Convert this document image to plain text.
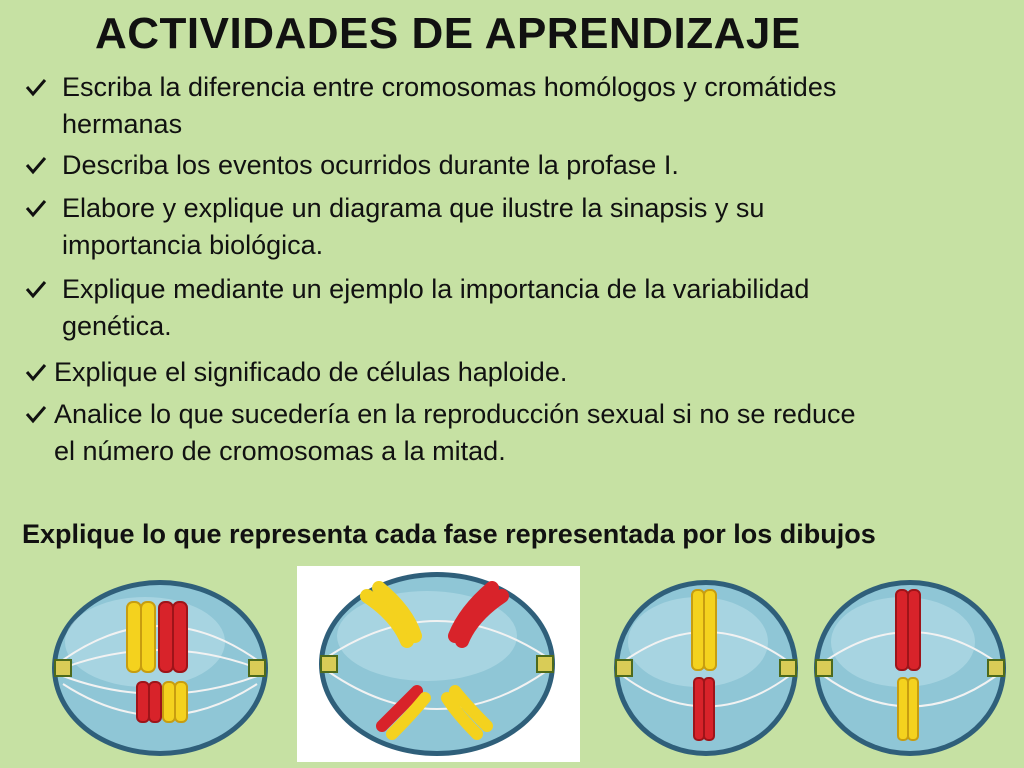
ACTIVIDADES DE APRENDIZAJE
Escriba la diferencia entre cromosomas homólogos y cromátides
hermanas
Describa los eventos ocurridos durante la profase I.
Elabore y explique un diagrama que ilustre la sinapsis y su
importancia biológica.
Explique mediante un ejemplo la importancia de la variabilidad
genética.
Explique el significado de células haploide.
Analice lo que sucedería en la reproducción sexual si no se reduce
el número de cromosomas a la mitad.
Explique lo que representa cada fase representada por los dibujos
